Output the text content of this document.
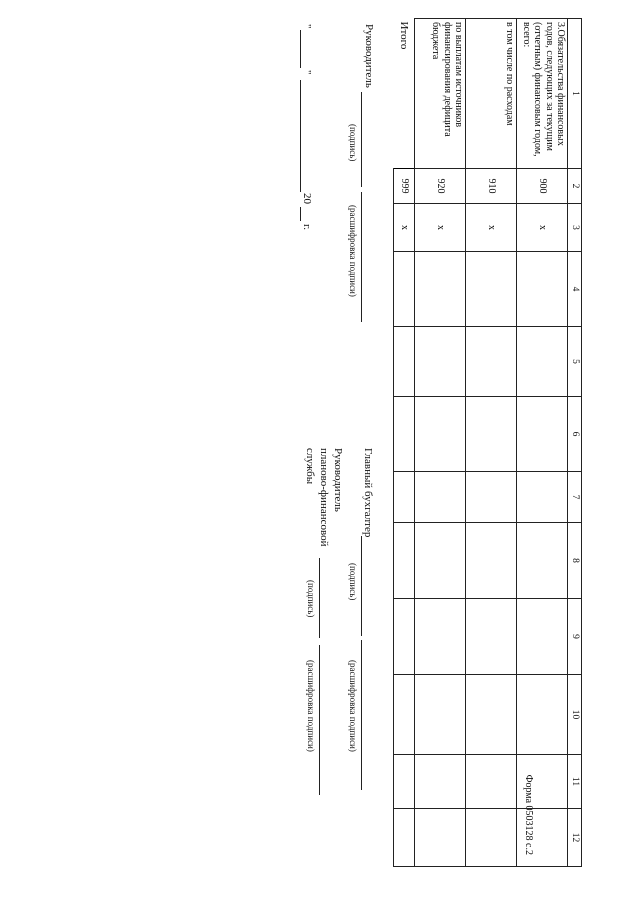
Форма 0503128 с.2
1	2	3	4	5	6	7	8	9	10	11	12
3.Обязательства финансовых годов, следующих за текущим (отчетным) финансовым годом, всего:	900	x									
в том числе по расходам	910	x									
по выплатам источников финансирования дефицита бюджета	920	x									
Итого	999	x									
Руководитель
(подпись)
(расшифровка подписи)
"
"
20
г.
Главный бухгалтер
(подпись)
(расшифровка подписи)
Руководитель планово-финансовой службы
(подпись)
(расшифровка подписи)
